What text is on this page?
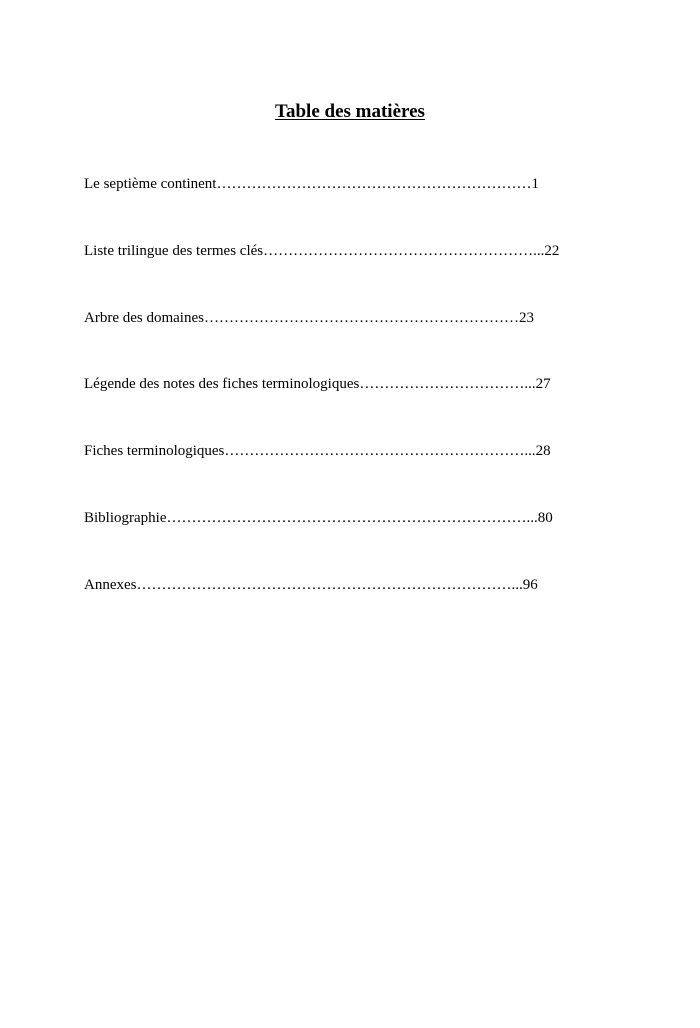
Table des matières
Le septième continent………………………………………………………1
Liste trilingue des termes clés………………………………………………...22
Arbre des domaines………………………………………………………23
Légende des notes des fiches terminologiques……………………………...27
Fiches terminologiques……………………………………………………...28
Bibliographie………………………………………………………………...80
Annexes…………………………………………………………………...96
